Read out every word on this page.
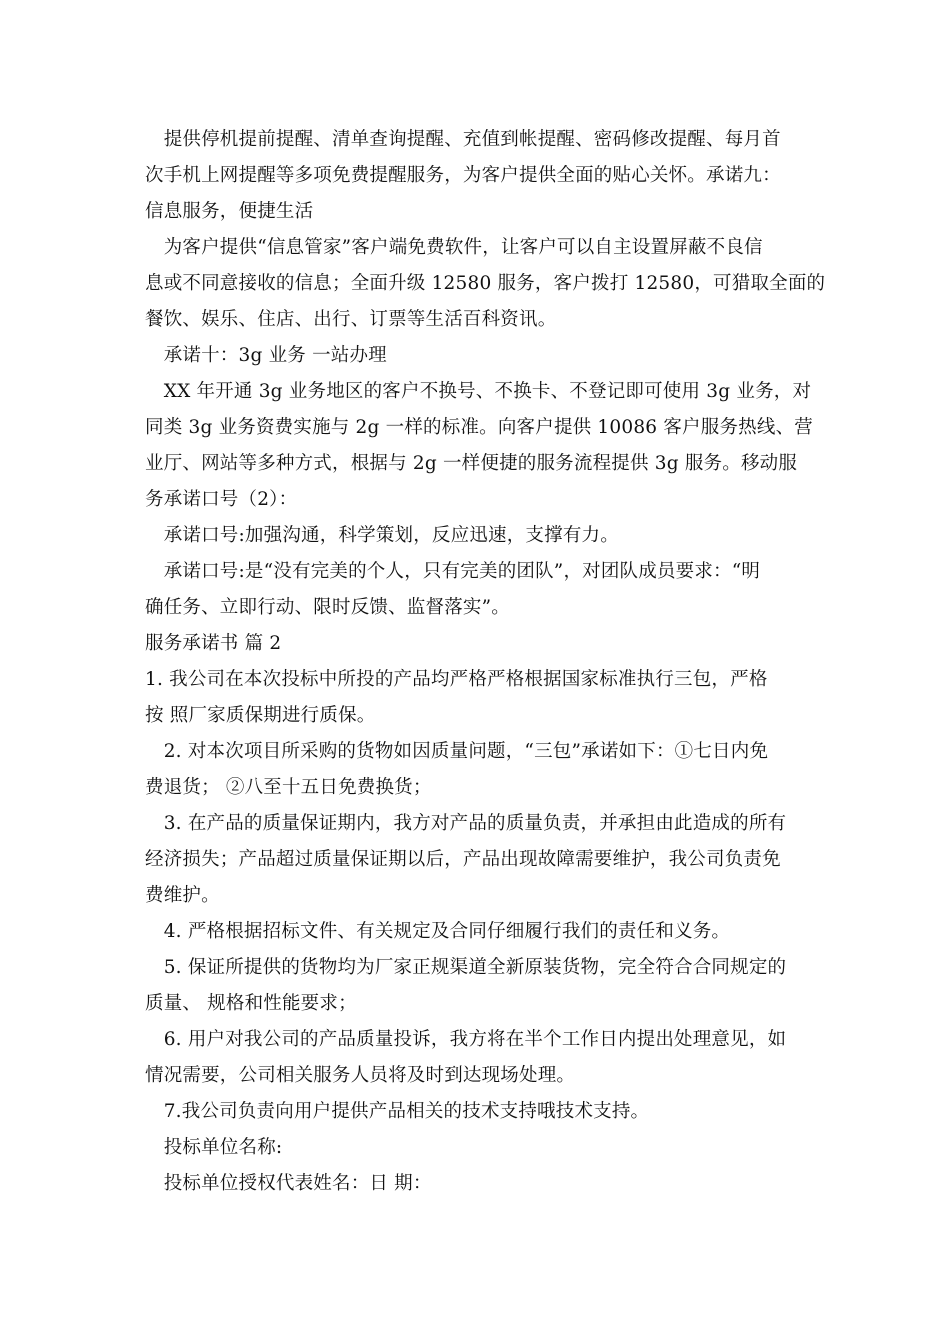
　提供停机提前提醒、清单查询提醒、充值到帐提醒、密码修改提醒、每月首
次手机上网提醒等多项免费提醒服务，为客户提供全面的贴心关怀。承诺九：
信息服务，便捷生活
　为客户提供“信息管家”客户端免费软件，让客户可以自主设置屏蔽不良信
息或不同意接收的信息；全面升级 12580 服务，客户拨打 12580，可猎取全面的
餐饮、娱乐、住店、出行、订票等生活百科资讯。
　承诺十：3g 业务 一站办理
　XX 年开通 3g 业务地区的客户不换号、不换卡、不登记即可使用 3g 业务，对
同类 3g 业务资费实施与 2g 一样的标准。向客户提供 10086 客户服务热线、营
业厅、网站等多种方式，根据与 2g 一样便捷的服务流程提供 3g 服务。移动服
务承诺口号（2）：
　承诺口号:加强沟通，科学策划，反应迅速，支撑有力。
　承诺口号:是“没有完美的个人，只有完美的团队”，对团队成员要求：“明
确任务、立即行动、限时反馈、监督落实”。
服务承诺书 篇 2
1. 我公司在本次投标中所投的产品均严格严格根据国家标准执行三包，严格
按 照厂家质保期进行质保。
　2. 对本次项目所采购的货物如因质量问题，“三包”承诺如下：①七日内免
费退货； ②八至十五日免费换货；
　3. 在产品的质量保证期内，我方对产品的质量负责，并承担由此造成的所有
经济损失；产品超过质量保证期以后，产品出现故障需要维护，我公司负责免
费维护。
　4. 严格根据招标文件、有关规定及合同仔细履行我们的责任和义务。
　5. 保证所提供的货物均为厂家正规渠道全新原装货物，完全符合合同规定的
质量、 规格和性能要求；
　6. 用户对我公司的产品质量投诉，我方将在半个工作日内提出处理意见，如
情况需要，公司相关服务人员将及时到达现场处理。
　7.我公司负责向用户提供产品相关的技术支持哦技术支持。
　投标单位名称:
　投标单位授权代表姓名：日 期：
